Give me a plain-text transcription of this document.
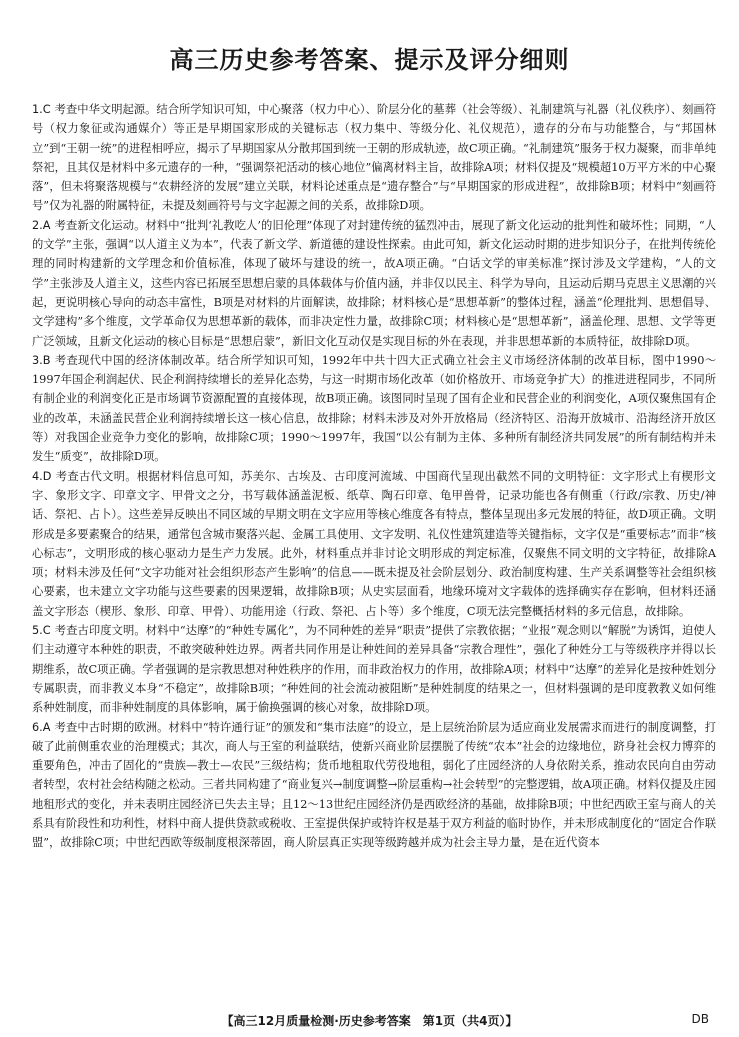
高三历史参考答案、提示及评分细则

1.C 考查中华文明起源。结合所学知识可知，中心聚落（权力中心）、阶层分化的墓葬（社会等级）、礼制建筑与礼器（礼仪秩序）、刻画符号（权力象征或沟通媒介）等正是早期国家形成的关键标志（权力集中、等级分化、礼仪规范），遗存的分布与功能整合，与“邦国林立”到“王朝一统”的进程相呼应，揭示了早期国家从分散邦国到统一王朝的形成轨迹，故C项正确。“礼制建筑”服务于权力凝聚，而非单纯祭祀，且其仅是材料中多元遗存的一种，“强调祭祀活动的核心地位”偏离材料主旨，故排除A项；材料仅提及“规模超10万平方米的中心聚落”，但未将聚落规模与“农耕经济的发展”建立关联，材料论述重点是“遗存整合”与“早期国家的形成进程”，故排除B项；材料中“刻画符号”仅为礼器的附属特征，未提及刻画符号与文字起源之间的关系，故排除D项。

2.A 考查新文化运动。材料中“批判‘礼教吃人’的旧伦理”体现了对封建传统的猛烈冲击，展现了新文化运动的批判性和破坏性；同期，“人的文学”主张，强调“以人道主义为本”，代表了新文学、新道德的建设性探索。由此可知，新文化运动时期的进步知识分子，在批判传统伦理的同时构建新的文学理念和价值标准，体现了破坏与建设的统一，故A项正确。“白话文学的审美标准”探讨涉及文学建构，“人的文学”主张涉及人道主义，这些内容已拓展至思想启蒙的具体载体与价值内涵，并非仅以民主、科学为导向，且运动后期马克思主义思潮的兴起，更说明核心导向的动态丰富性，B项是对材料的片面解读，故排除；材料核心是“思想革新”的整体过程，涵盖“伦理批判、思想倡导、文学建构”多个维度，文学革命仅为思想革新的载体，而非决定性力量，故排除C项；材料核心是“思想革新”，涵盖伦理、思想、文学等更广泛领域，且新文化运动的核心目标是“思想启蒙”，新旧文化互动仅是实现目标的外在表现，并非思想革新的本质特征，故排除D项。

3.B 考查现代中国的经济体制改革。结合所学知识可知，1992年中共十四大正式确立社会主义市场经济体制的改革目标，图中1990～1997年国企利润起伏、民企利润持续增长的差异化态势，与这一时期市场化改革（如价格放开、市场竞争扩大）的推进进程同步，不同所有制企业的利润变化正是市场调节资源配置的直接体现，故B项正确。该图同时呈现了国有企业和民营企业的利润变化，A项仅聚焦国有企业的改革，未涵盖民营企业利润持续增长这一核心信息，故排除；材料未涉及对外开放格局（经济特区、沿海开放城市、沿海经济开放区等）对我国企业竞争力变化的影响，故排除C项；1990～1997年，我国“以公有制为主体、多种所有制经济共同发展”的所有制结构并未发生“质变”，故排除D项。

4.D 考查古代文明。根据材料信息可知，苏美尔、古埃及、古印度河流域、中国商代呈现出截然不同的文明特征：文字形式上有楔形文字、象形文字、印章文字、甲骨文之分，书写载体涵盖泥板、纸草、陶石印章、龟甲兽骨，记录功能也各有侧重（行政/宗教、历史/神话、祭祀、占卜）。这些差异反映出不同区域的早期文明在文字应用等核心维度各有特点，整体呈现出多元发展的特征，故D项正确。文明形成是多要素聚合的结果，通常包含城市聚落兴起、金属工具使用、文字发明、礼仪性建筑建造等关键指标，文字仅是“重要标志”而非“核心标志”，文明形成的核心驱动力是生产力发展。此外，材料重点并非讨论文明形成的判定标准，仅聚焦不同文明的文字特征，故排除A项；材料未涉及任何“文字功能对社会组织形态产生影响”的信息——既未提及社会阶层划分、政治制度构建、生产关系调整等社会组织核心要素，也未建立文字功能与这些要素的因果逻辑，故排除B项；从史实层面看，地缘环境对文字载体的选择确实存在影响，但材料还涵盖文字形态（楔形、象形、印章、甲骨）、功能用途（行政、祭祀、占卜等）多个维度，C项无法完整概括材料的多元信息，故排除。

5.C 考查古印度文明。材料中“达摩”的“种姓专属化”，为不同种姓的差异“职责”提供了宗教依据；“业报”观念则以“解脱”为诱饵，迫使人们主动遵守本种姓的职责，不敢突破种姓边界。两者共同作用是让种姓间的差异具备“宗教合理性”，强化了种姓分工与等级秩序并得以长期维系，故C项正确。学者强调的是宗教思想对种姓秩序的作用，而非政治权力的作用，故排除A项；材料中“达摩”的差异化是按种姓划分专属职责，而非教义本身“不稳定”，故排除B项；“种姓间的社会流动被阻断”是种姓制度的结果之一，但材料强调的是印度教教义如何维系种姓制度，而非种姓制度的具体影响，属于偷换强调的核心对象，故排除D项。

6.A 考查中古时期的欧洲。材料中“特许通行证”的颁发和“集市法庭”的设立，是上层统治阶层为适应商业发展需求而进行的制度调整，打破了此前侧重农业的治理模式；其次，商人与王室的利益联结，使新兴商业阶层摆脱了传统“农本”社会的边缘地位，跻身社会权力博弈的重要角色，冲击了固化的“贵族—教士—农民”三级结构；货币地租取代劳役地租，弱化了庄园经济的人身依附关系，推动农民向自由劳动者转型，农村社会结构随之松动。三者共同构建了“商业复兴→制度调整→阶层重构→社会转型”的完整逻辑，故A项正确。材料仅提及庄园地租形式的变化，并未表明庄园经济已失去主导；且12～13世纪庄园经济仍是西欧经济的基础，故排除B项；中世纪西欧王室与商人的关系具有阶段性和功利性，材料中商人提供贷款或税收、王室提供保护或特许权是基于双方利益的临时协作，并未形成制度化的“固定合作联盟”，故排除C项；中世纪西欧等级制度根深蒂固，商人阶层真正实现等级跨越并成为社会主导力量，是在近代资本

【高三12月质量检测·历史参考答案　第1页（共4页）】	DB
